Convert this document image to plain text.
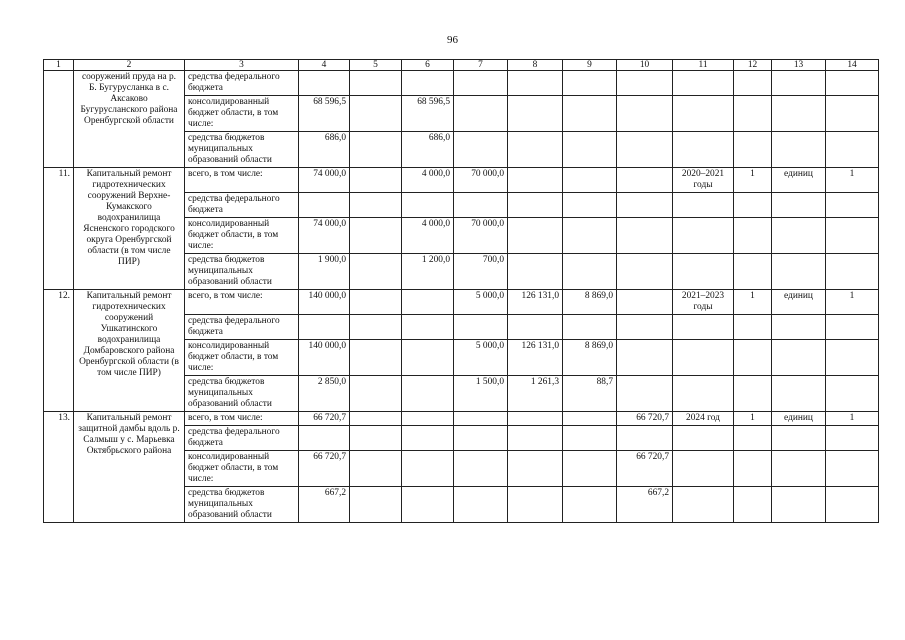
96
1	2	3	4	5	6	7	8	9	10	11	12	13	14
	сооружений пруда на р. Б. Бугурусланка в с. Аксаково Бугурусланского района Оренбургской области	средства федерального бюджета											
		консолидированный бюджет области, в том числе:	68 596,5		68 596,5								
		средства бюджетов муниципальных образований области	686,0		686,0								
11.	Капитальный ремонт гидротехнических сооружений Верхне-Кумакского водохранилища Ясненского городского округа Оренбургской области (в том числе ПИР)	всего, в том числе:	74 000,0		4 000,0	70 000,0				2020–2021 годы	1	единиц	1
		средства федерального бюджета											
		консолидированный бюджет области, в том числе:	74 000,0		4 000,0	70 000,0							
		средства бюджетов муниципальных образований области	1 900,0		1 200,0	700,0							
12.	Капитальный ремонт гидротехнических сооружений Ушкатинского водохранилища Домбаровского района Оренбургской области (в том числе ПИР)	всего, в том числе:	140 000,0			5 000,0	126 131,0	8 869,0		2021–2023 годы	1	единиц	1
		средства федерального бюджета											
		консолидированный бюджет области, в том числе:	140 000,0			5 000,0	126 131,0	8 869,0					
		средства бюджетов муниципальных образований области	2 850,0			1 500,0	1 261,3	88,7					
13.	Капитальный ремонт защитной дамбы вдоль р. Салмыш у с. Марьевка Октябрьского района	всего, в том числе:	66 720,7						66 720,7	2024 год	1	единиц	1
		средства федерального бюджета											
		консолидированный бюджет области, в том числе:	66 720,7						66 720,7				
		средства бюджетов муниципальных образований области	667,2						667,2				
